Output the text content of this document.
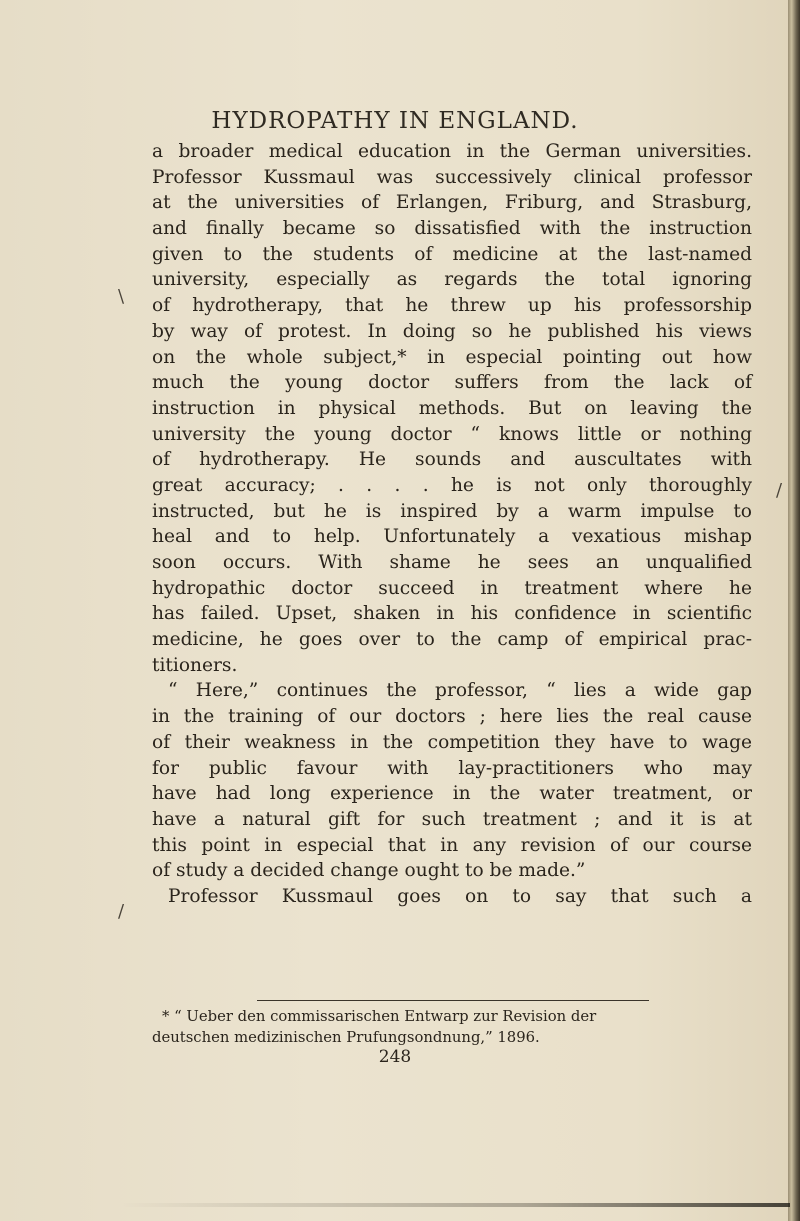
HYDROPATHY IN ENGLAND.
a broader medical education in the German universities.
Professor Kussmaul was successively clinical professor
at the universities of Erlangen, Friburg, and Strasburg,
and finally became so dissatisfied with the instruction
given to the students of medicine at the last-named
university, especially as regards the total ignoring
of hydrotherapy, that he threw up his professorship
by way of protest. In doing so he published his views
on the whole subject,* in especial pointing out how
much the young doctor suffers from the lack of
instruction in physical methods. But on leaving the
university the young doctor “ knows little or nothing
of hydrotherapy. He sounds and auscultates with
great accuracy; . . . . he is not only thoroughly
instructed, but he is inspired by a warm impulse to
heal and to help. Unfortunately a vexatious mishap
soon occurs. With shame he sees an unqualified
hydropathic doctor succeed in treatment where he
has failed. Upset, shaken in his confidence in scientific
medicine, he goes over to the camp of empirical prac-
titioners.
“ Here,” continues the professor, “ lies a wide gap
in the training of our doctors ; here lies the real cause
of their weakness in the competition they have to wage
for public favour with lay-practitioners who may
have had long experience in the water treatment, or
have a natural gift for such treatment ; and it is at
this point in especial that in any revision of our course
of study a decided change ought to be made.”
Professor Kussmaul goes on to say that such a
* “ Ueber den commissarischen Entwarp zur Revision der
deutschen medizinischen Prufungsondnung,” 1896.
248
\
/
/
